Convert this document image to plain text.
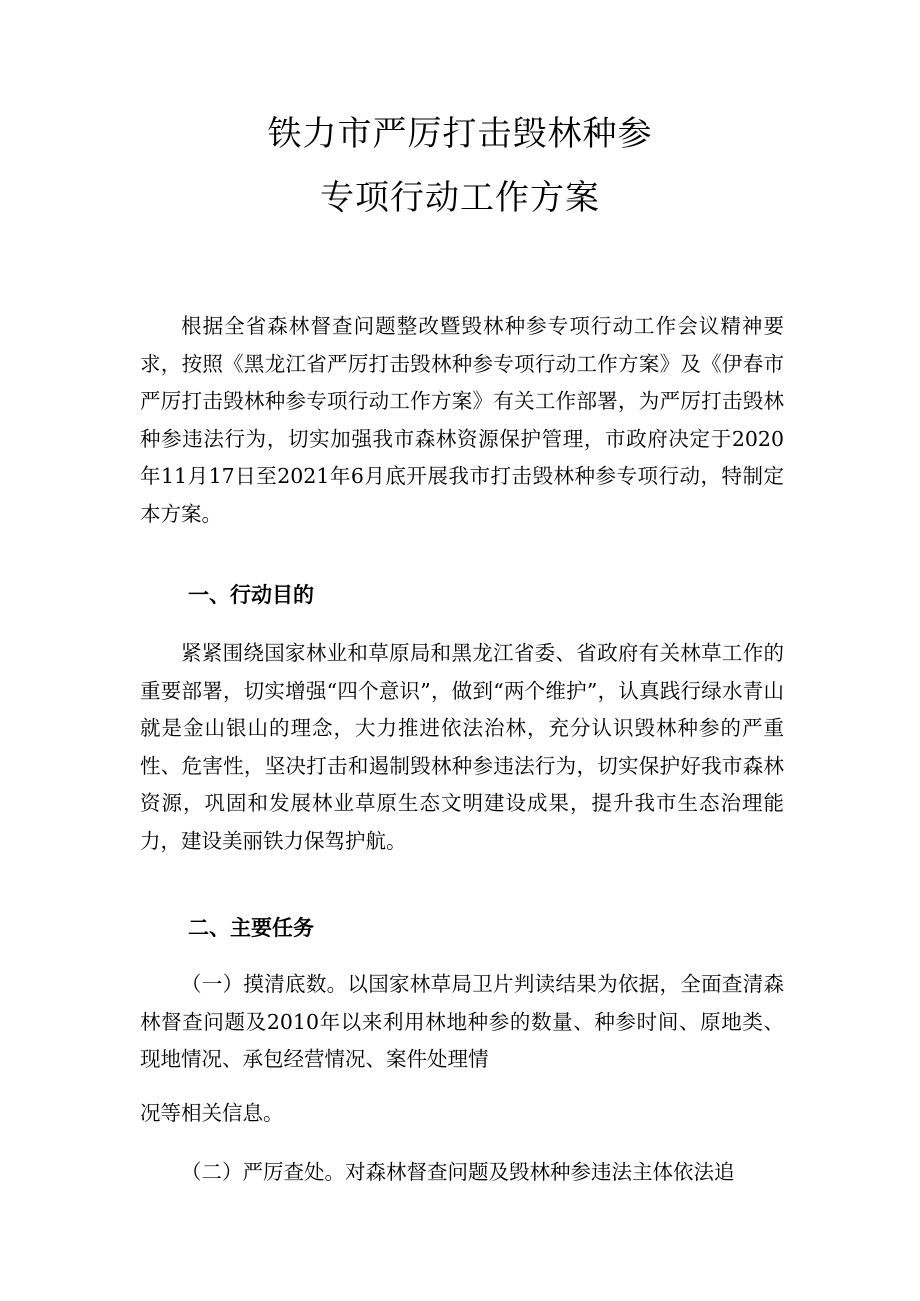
铁力市严厉打击毁林种参
专项行动工作方案

根据全省森林督查问题整改暨毁林种参专项行动工作会议精神要求，按照《黑龙江省严厉打击毁林种参专项行动工作方案》及《伊春市严厉打击毁林种参专项行动工作方案》有关工作部署，为严厉打击毁林种参违法行为，切实加强我市森林资源保护管理，市政府决定于2020年11月17日至2021年6月底开展我市打击毁林种参专项行动，特制定本方案。

一、行动目的

紧紧围绕国家林业和草原局和黑龙江省委、省政府有关林草工作的重要部署，切实增强“四个意识”，做到“两个维护”，认真践行绿水青山就是金山银山的理念，大力推进依法治林，充分认识毁林种参的严重性、危害性，坚决打击和遏制毁林种参违法行为，切实保护好我市森林资源，巩固和发展林业草原生态文明建设成果，提升我市生态治理能力，建设美丽铁力保驾护航。

二、主要任务

（一）摸清底数。以国家林草局卫片判读结果为依据，全面查清森林督查问题及2010年以来利用林地种参的数量、种参时间、原地类、现地情况、承包经营情况、案件处理情

况等相关信息。

（二）严厉查处。对森林督查问题及毁林种参违法主体依法追
